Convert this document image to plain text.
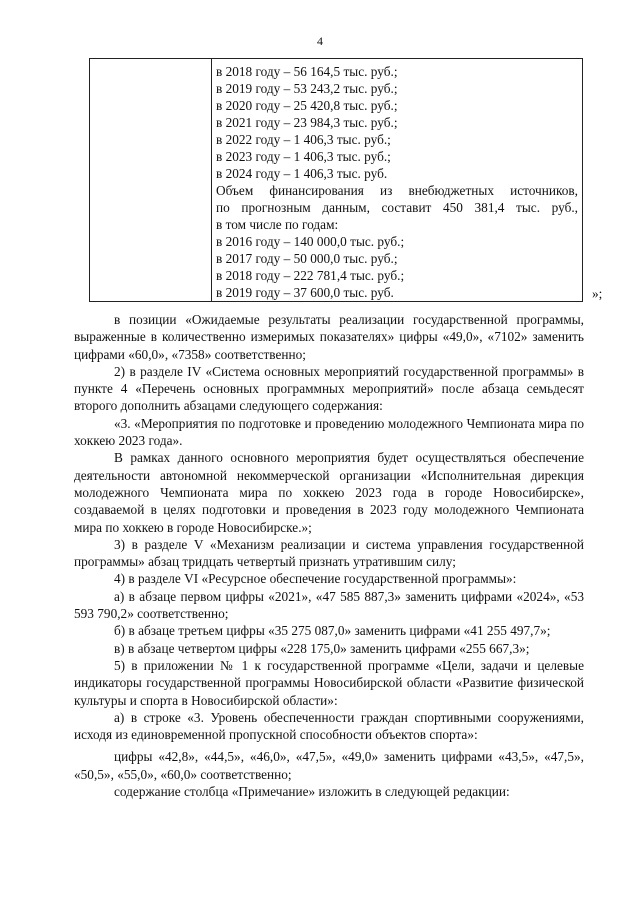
4
в 2018 году – 56 164,5 тыс. руб.;
в 2019 году – 53 243,2 тыс. руб.;
в 2020 году – 25 420,8 тыс. руб.;
в 2021 году – 23 984,3 тыс. руб.;
в 2022 году – 1 406,3 тыс. руб.;
в 2023 году – 1 406,3 тыс. руб.;
в 2024 году – 1 406,3 тыс. руб.
Объем финансирования из внебюджетных источников,
по прогнозным данным, составит 450 381,4 тыс. руб.,
в том числе по годам:
в 2016 году – 140 000,0 тыс. руб.;
в 2017 году – 50 000,0 тыс. руб.;
в 2018 году – 222 781,4 тыс. руб.;
в 2019 году – 37 600,0 тыс. руб.	»;

в позиции «Ожидаемые результаты реализации государственной программы, выраженные в количественно измеримых показателях» цифры «49,0», «7102» заменить цифрами «60,0», «7358» соответственно;

2) в разделе IV «Система основных мероприятий государственной программы» в пункте 4 «Перечень основных программных мероприятий» после абзаца семьдесят второго дополнить абзацами следующего содержания:

«3. «Мероприятия по подготовке и проведению молодежного Чемпионата мира по хоккею 2023 года».

В рамках данного основного мероприятия будет осуществляться обеспечение деятельности автономной некоммерческой организации «Исполнительная дирекция молодежного Чемпионата мира по хоккею 2023 года в городе Новосибирске», создаваемой в целях подготовки и проведения в 2023 году молодежного Чемпионата мира по хоккею в городе Новосибирске.»;

3) в разделе V «Механизм реализации и система управления государственной программы» абзац тридцать четвертый признать утратившим силу;

4) в разделе VI «Ресурсное обеспечение государственной программы»:

а) в абзаце первом цифры «2021», «47 585 887,3» заменить цифрами «2024», «53 593 790,2» соответственно;

б) в абзаце третьем цифры «35 275 087,0» заменить цифрами «41 255 497,7»;

в) в абзаце четвертом цифры «228 175,0» заменить цифрами «255 667,3»;

5) в приложении № 1 к государственной программе «Цели, задачи и целевые индикаторы государственной программы Новосибирской области «Развитие физической культуры и спорта в Новосибирской области»:

а) в строке «3. Уровень обеспеченности граждан спортивными сооружениями, исходя из единовременной пропускной способности объектов спорта»:

цифры «42,8», «44,5», «46,0», «47,5», «49,0» заменить цифрами «43,5», «47,5», «50,5», «55,0», «60,0» соответственно;

содержание столбца «Примечание» изложить в следующей редакции:
